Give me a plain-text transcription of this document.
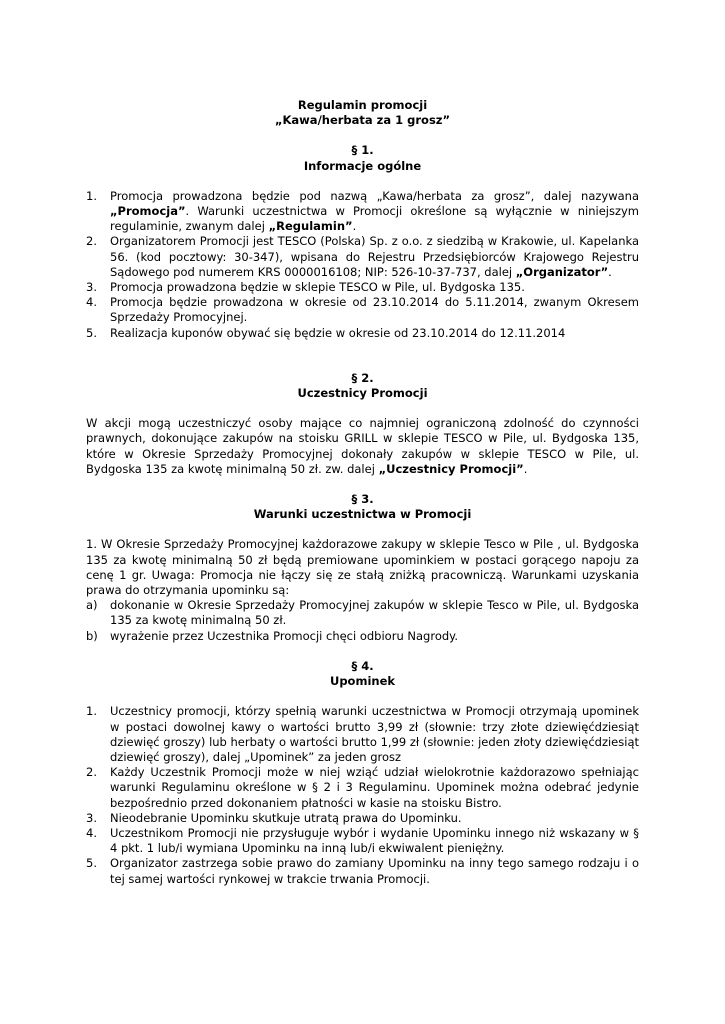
Regulamin promocji
„Kawa/herbata za 1 grosz”
§ 1.
Informacje ogólne
1. Promocja prowadzona będzie pod nazwą „Kawa/herbata za grosz”, dalej nazywana „Promocja”. Warunki uczestnictwa w Promocji określone są wyłącznie w niniejszym regulaminie, zwanym dalej „Regulamin”.
2. Organizatorem Promocji jest TESCO (Polska) Sp. z o.o. z siedzibą w Krakowie, ul. Kapelanka 56. (kod pocztowy: 30-347), wpisana do Rejestru Przedsiębiorców Krajowego Rejestru Sądowego pod numerem KRS 0000016108; NIP: 526-10-37-737, dalej „Organizator”.
3. Promocja prowadzona będzie w sklepie TESCO w Pile, ul. Bydgoska 135.
4. Promocja będzie prowadzona w okresie od 23.10.2014 do 5.11.2014, zwanym Okresem Sprzedaży Promocyjnej.
5. Realizacja kuponów obywać się będzie w okresie od 23.10.2014 do 12.11.2014
§ 2.
Uczestnicy Promocji
W akcji mogą uczestniczyć osoby mające co najmniej ograniczoną zdolność do czynności prawnych, dokonujące zakupów na stoisku GRILL w sklepie TESCO w Pile, ul. Bydgoska 135, które w Okresie Sprzedaży Promocyjnej dokonały zakupów w sklepie TESCO w Pile, ul. Bydgoska 135 za kwotę minimalną 50 zł. zw. dalej „Uczestnicy Promocji”.
§ 3.
Warunki uczestnictwa w Promocji
1. W Okresie Sprzedaży Promocyjnej każdorazowe zakupy w sklepie Tesco w Pile , ul. Bydgoska 135 za kwotę minimalną 50 zł będą premiowane upominkiem w postaci gorącego napoju za cenę 1 gr. Uwaga: Promocja nie łączy się ze stałą zniżką pracowniczą. Warunkami uzyskania prawa do otrzymania upominku są:
a) dokonanie w Okresie Sprzedaży Promocyjnej zakupów w sklepie Tesco w Pile, ul. Bydgoska 135 za kwotę minimalną 50 zł.
b) wyrażenie przez Uczestnika Promocji chęci odbioru Nagrody.
§ 4.
Upominek
1. Uczestnicy promocji, którzy spełnią warunki uczestnictwa w Promocji otrzymają upominek w postaci dowolnej kawy o wartości brutto 3,99 zł (słownie: trzy złote dziewięćdziesiąt dziewięć groszy) lub herbaty o wartości brutto 1,99 zł (słownie: jeden złoty dziewięćdziesiąt dziewięć groszy), dalej „Upominek” za jeden grosz
2. Każdy Uczestnik Promocji może w niej wziąć udział wielokrotnie każdorazowo spełniając warunki Regulaminu określone w § 2 i 3 Regulaminu. Upominek można odebrać jedynie bezpośrednio przed dokonaniem płatności w kasie na stoisku Bistro.
3. Nieodebranie Upominku skutkuje utratą prawa do Upominku.
4. Uczestnikom Promocji nie przysługuje wybór i wydanie Upominku innego niż wskazany w § 4 pkt. 1 lub/i wymiana Upominku na inną lub/i ekwiwalent pieniężny.
5. Organizator zastrzega sobie prawo do zamiany Upominku na inny tego samego rodzaju i o tej samej wartości rynkowej w trakcie trwania Promocji.
